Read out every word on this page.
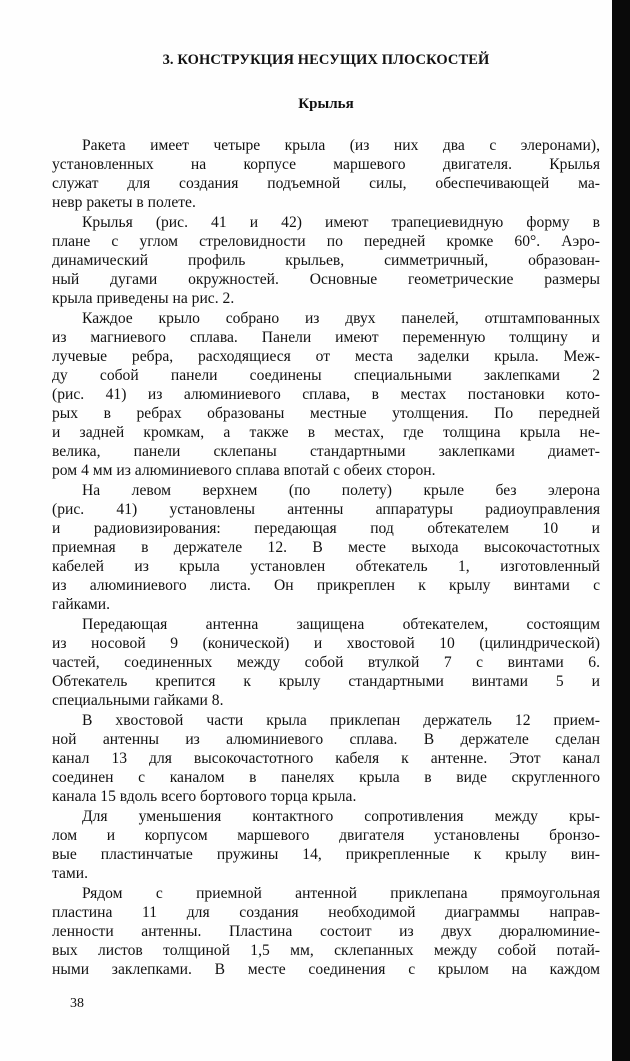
3. КОНСТРУКЦИЯ НЕСУЩИХ ПЛОСКОСТЕЙ
Крылья
Ракета имеет четыре крыла (из них два с элеронами),
установленных на корпусе маршевого двигателя. Крылья
служат для создания подъемной силы, обеспечивающей ма-
невр ракеты в полете.
Крылья (рис. 41 и 42) имеют трапециевидную форму в
плане с углом стреловидности по передней кромке 60°. Аэро-
динамический профиль крыльев, симметричный, образован-
ный дугами окружностей. Основные геометрические размеры
крыла приведены на рис. 2.
Каждое крыло собрано из двух панелей, отштампованных
из магниевого сплава. Панели имеют переменную толщину и
лучевые ребра, расходящиеся от места заделки крыла. Меж-
ду собой панели соединены специальными заклепками 2
(рис. 41) из алюминиевого сплава, в местах постановки кото-
рых в ребрах образованы местные утолщения. По передней
и задней кромкам, а также в местах, где толщина крыла не-
велика, панели склепаны стандартными заклепками диамет-
ром 4 мм из алюминиевого сплава впотай с обеих сторон.
На левом верхнем (по полету) крыле без элерона
(рис. 41) установлены антенны аппаратуры радиоуправления
и радиовизирования: передающая под обтекателем 10 и
приемная в держателе 12. В месте выхода высокочастотных
кабелей из крыла установлен обтекатель 1, изготовленный
из алюминиевого листа. Он прикреплен к крылу винтами с
гайками.
Передающая антенна защищена обтекателем, состоящим
из носовой 9 (конической) и хвостовой 10 (цилиндрической)
частей, соединенных между собой втулкой 7 с винтами 6.
Обтекатель крепится к крылу стандартными винтами 5 и
специальными гайками 8.
В хвостовой части крыла приклепан держатель 12 прием-
ной антенны из алюминиевого сплава. В держателе сделан
канал 13 для высокочастотного кабеля к антенне. Этот канал
соединен с каналом в панелях крыла в виде скругленного
канала 15 вдоль всего бортового торца крыла.
Для уменьшения контактного сопротивления между кры-
лом и корпусом маршевого двигателя установлены бронзо-
вые пластинчатые пружины 14, прикрепленные к крылу вин-
тами.
Рядом с приемной антенной приклепана прямоугольная
пластина 11 для создания необходимой диаграммы направ-
ленности антенны. Пластина состоит из двух дюралюминие-
вых листов толщиной 1,5 мм, склепанных между собой потай-
ными заклепками. В месте соединения с крылом на каждом
38
